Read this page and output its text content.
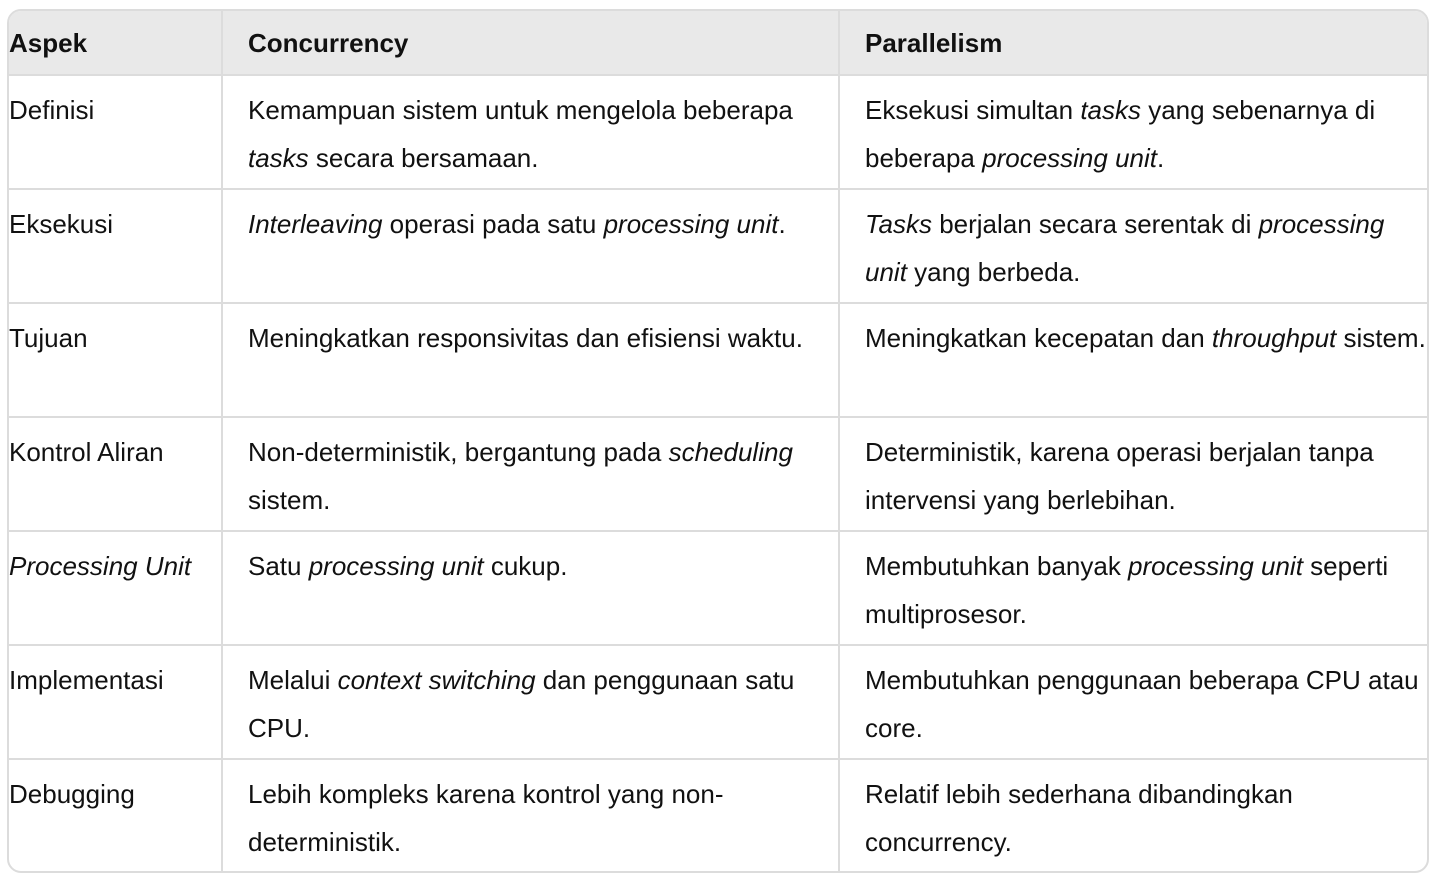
Aspek	Concurrency	Parallelism
Definisi	Kemampuan sistem untuk mengelola beberapa tasks secara bersamaan.	Eksekusi simultan tasks yang sebenarnya di beberapa processing unit.
Eksekusi	Interleaving operasi pada satu processing unit.	Tasks berjalan secara serentak di processing unit yang berbeda.
Tujuan	Meningkatkan responsivitas dan efisiensi waktu.	Meningkatkan kecepatan dan throughput sistem.
Kontrol Aliran	Non-deterministik, bergantung pada scheduling sistem.	Deterministik, karena operasi berjalan tanpa intervensi yang berlebihan.
Processing Unit	Satu processing unit cukup.	Membutuhkan banyak processing unit seperti multiprosesor.
Implementasi	Melalui context switching dan penggunaan satu CPU.	Membutuhkan penggunaan beberapa CPU atau core.
Debugging	Lebih kompleks karena kontrol yang non-deterministik.	Relatif lebih sederhana dibandingkan concurrency.
